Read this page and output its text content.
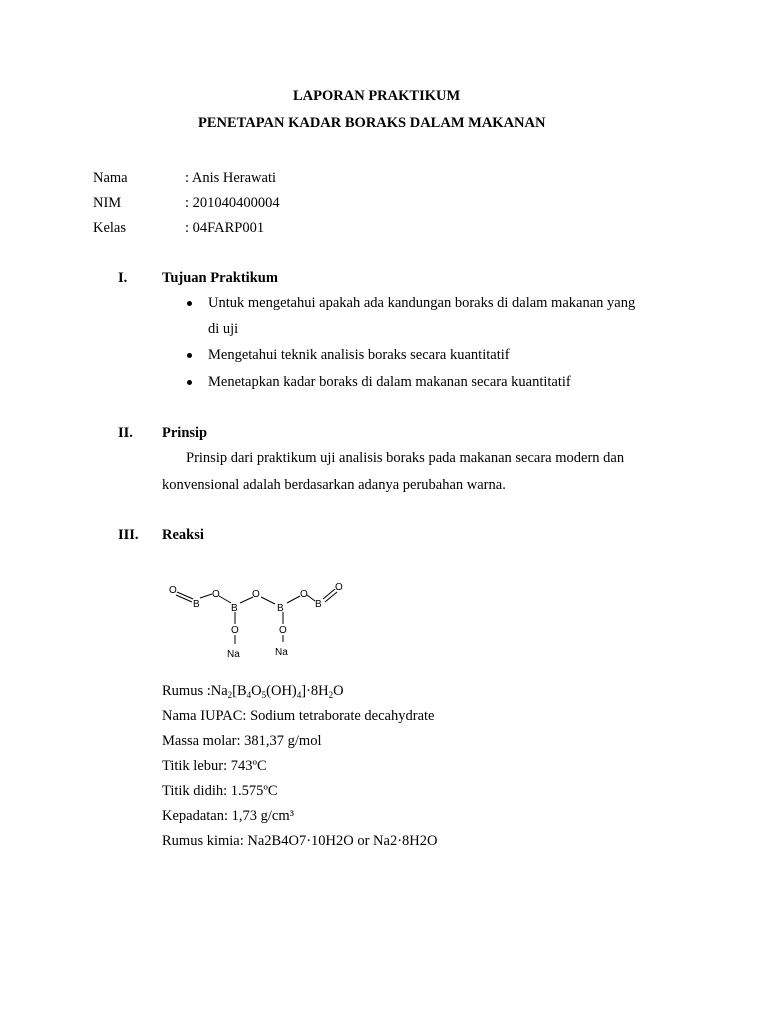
LAPORAN PRAKTIKUM
PENETAPAN KADAR BORAKS DALAM MAKANAN
Nama	: Anis Herawati
NIM	: 201040400004
Kelas	: 04FARP001
I. Tujuan Praktikum
Untuk mengetahui apakah ada kandungan boraks di dalam makanan yang
di uji
Mengetahui teknik analisis boraks secara kuantitatif
Menetapkan kadar boraks di dalam makanan secara kuantitatif
II. Prinsip
Prinsip dari praktikum uji analisis boraks pada makanan secara modern dan
konvensional adalah berdasarkan adanya perubahan warna.
III. Reaksi
O
B
O
B
O
B
O
B
O
O	O
Na	Na
Rumus $:Na_2[B_4O_5(OH)_4]\cdot 8H_2O$
Nama IUPAC: Sodium tetraborate decahydrate
Massa molar: 381,37 g/mol
Titik lebur: 743ºC
Titik didih: 1.575ºC
Kepadatan: 1,73 g/cm³
Rumus kimia: Na2B4O7·10H2O or Na2·8H2O
